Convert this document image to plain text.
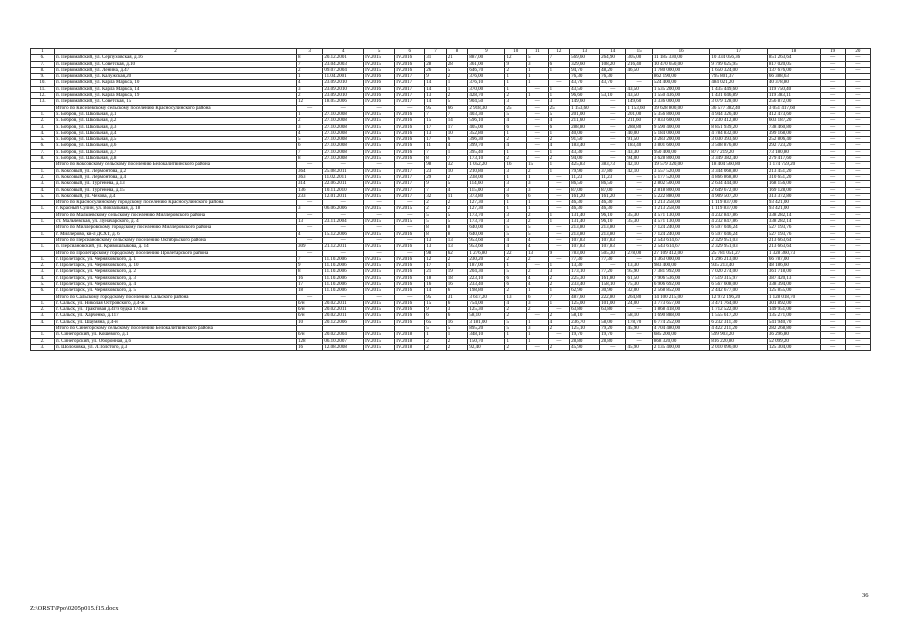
1	2	3	4	5	6	7	8	9	10	11	12	13	14	15	16	17	18	19	20
6.	п. Первомайский, ул. Серпуховская, д.16	8	20.12.2001	IV.2015	IV.2016	31	21	887,00	12	5	7	569,60	264,90	305,00	11 185 330,00	10 334 056,36	851 263,64	—	—
7.	п. Первомайский, ул. Советская, д.10	7	23.04.2003	IV.2015	IV.2016	28	28	361,00	9	3	6	329,60	108,20	216,40	10 470 650,00	9 799 625,95	817 020,05	—	—
8.	п. Первомайский, ул. Ленина, д.47	2	09.07.2004	IV.2015	IV.2016	26	5	646,70	2	1	1	94,70	48,20	46,50	1 780 000,00	1 650 324,00	137 676,00	—	—
9.	п. Первомайский, ул. Калужская,20	1	11.04.2001	IV.2016	IV.2017	9	2	376,00	1	1		76,30	76,30		862 190,00	795 801,37	66 388,63		
10.	п. Первомайский, ул. Карла Маркса, 10	4	23.09.2010	IV.2016	IV.2017	14	1	376,10	1	1	—	43,70	43,70	—	524 400,00	484 021,20	40 378,80	—	—
11.	п. Первомайский, ул. Карла Маркса, 14	3	23.09.2010	IV.2016	IV.2017	14	1	370,00	1	—	1	43,50	—	43,50	1 535 200,00	1 435 449,60	119 750,40	—	—
12.	п. Первомайский, ул. Карла Маркса, 19	2	23.09.2010	IV.2016	IV.2017	13	2	428,70	2	1	1	96,60	53,10	43,50	1 550 436,00	1 431 046,89	119 383,11	—	—
13.	п. Первомайский, ул. Советская, 15	12	18.05.2006	IV.2016	IV.2017	14	5	904,50	3	—	3	149,60	—	149,60	3 336 000,00	3 079 128,00	256 872,00	—	—
	Итого по Киселевскому сельскому поселению Красносулинского района	—	—	—	—	95	66	2 918,30	25	—	25	1 153,60	—	1 153,60	39 628 800,00	36 577 382,40	3 051 417,60	—	—
1.	х. Бобров, ул. Школьная, д.1	1	27.10.2008	IV.2015	IV.2016	7	7	403,30	5	—	5	201,00	—	201,00	5 356 800,00	4 944 326,40	412 473,60	—	—
2.	х. Бобров, ул. Школьная, д.2	2	27.10.2008	IV.2015	IV.2016	15	14	596,10	4	—	4	211,60	—	211,60	7 833 600,00	7 230 412,80	603 187,20	—	—
3.	х. Бобров, ул. Школьная, д.3	3	27.10.2008	IV.2015	IV.2016	17	17	405,00	6	—	6	288,80	—	288,80	9 590 400,00	8 851 939,20	738 460,80	—	—
4.	х. Бобров, ул. Школьная, д.4	4	27.10.2008	IV.2015	IV.2016	13	10	352,80	1	—	1	40,00	—	40,00	5 184 000,00	4 784 832,00	399 168,00	—	—
5.	х. Бобров, ул. Школьная, д.5	5	27.10.2008	IV.2015	IV.2016	17	6	396,30	2	—	2	91,50	—	91,50	3 283 200,00	3 030 393,60	252 806,40	—	—
6.	х. Бобров, ул. Школьная, д.6	6	27.10.2008	IV.2015	IV.2016	11	4	399,70	4	—	4	183,40	—	183,40	3 801 600,00	3 508 876,80	292 723,20	—	—
7.	х. Бобров, ул. Школьная, д.7	7	27.10.2008	IV.2015	IV.2016	7	1	395,40	1	—	1	43,30	—	43,30	950 400,00	877 219,20	73 180,80	—	—
8.	х. Бобров, ул. Школьная, д.8	8	27.10.2008	IV.2015	IV.2016	8	7	173,10	2	—	2	94,00	—	94,00	3 628 800,00	3 349 382,40	279 417,60	—	—
	Итого по Коксовскому сельскому поселению Белокалитвинского района	—	—	—	—	98	32	1 052,20	16	15	1	425,83	383,73	42,10	19 579 320,00	18 404 560,80	1 174 759,20	—	—
1.	п. Коксовый, ул. Лермонтова, д.2	364	25.08.2011	IV.2015	IV.2017	23	10	210,80	3	2	1	79,90	37,80	42,10	3 557 520,00	3 344 068,80	213 451,20	—	—
2.	п. Коксовый, ул. Лермонтова, д.4	363	11.02.2011	IV.2015	IV.2017	29	2	238,00	1	1	—	11,23	11,23	—	5 177 520,00	4 866 868,80	310 651,20	—	—
3.	п. Коксовый, ул. Тургенева, д.13	314	22.06.2011	IV.2015	IV.2017	9	5	114,60	3	3	—	86,50	86,50	—	2 802 500,00	2 634 444,00	168 156,00	—	—
4.	п. Коксовый, ул. Тургенева, д.15	136	10.11.2010	IV.2015	IV.2017	7	4	115,00	3	3	—	87,00	87,00	—	2 818 800,00	2 649 672,00	169 128,00	—	—
5.	п. Коксовый, ул. Чехова, д.4	233	12.01.2011	IV.2015	IV.2017	32	11	373,80	6	6	—	161,20	161,20	—	5 222 880,00	4 909 507,20	313 372,80	—	—
	Итого по Красносулинскому городскому поселению Красносулинского района	—	—	—	—	2	2	127,30	1	1	—	46,30	46,30	—	1 213 258,00	1 119 837,00	93 421,00	—	—
1.	г. Красный Сулин, ул. Вокзальная, д. 18	3	06.06.2006	IV.2015	IV.2015	2	2	127,30	1	1	—	46,30	46,30	—	1 213 258,00	1 119 837,00	93 421,00	—	—
	Итого по Мальчевскому сельскому поселению Миллеровского района	—	—	—	—	5	5	173,70	3	2	1	131,40	96,10	35,30	4 571 130,00	4 232 847,86	338 282,14	—	—
1.	ст. Мальчевская, ул. Луначарского, д. 4	13	23.11.2004	IV.2015	IV.2015	5	5	173,70	3	2	1	131,40	96,10	35,30	4 571 130,00	4 232 847,86	338 282,14	—	—
	Итого по Миллеровскому городскому поселению Миллеровского района	—	—	—	—	8	8	640,00	5	5	—	213,80	213,80	—	7 124 240,00	6 597 046,24	527 193,76	—	—
1.	г. Миллерово, кв-л ДСХТ, д. 6	4	15.12.2006	IV.2015	IV.2016	8	8	640,00	5	5	—	213,80	213,80	—	7 124 240,00	6 597 046,24	527 193,76	—	—
	Итого по Персиановскому сельскому поселению Октябрьского района	—	—	—	—	13	13	953,60	4	4	—	107,83	107,83	—	2 543 614,67	2 329 951,03	213 663,64	—	—
1.	п. Персиановский, ул. Кривошлыкова, д. 14	309	21.12.2011	IV.2015	IV.2016	13	13	953,60	4	4	—	107,83	107,83	—	2 543 614,67	2 329 951,03	213 663,64	—	—
	Итого по Пролетарскому городскому поселению Пролетарского района	—	—	—	—	98	62	1 276,80	22	13	9	783,00	505,30	278,00	27 109 412,00	25 781 051,27	1 328 360,73	—	—
1.	г. Пролетарск, ул. Черняховского, д. 1	7	11.10.2006	IV.2015	IV.2016	12	2	230,20	2	2	—	77,30	77,30	—	1 363 000,00	1 296 213,00	66 787,00	—	—
2.	г. Пролетарск, ул. Черняховского, д. 10	9	11.10.2006	IV.2015	IV.2016	17	1	187,00	1	—	1	13,30	—	13,30	983 400,00	935 213,40	48 186,60	—	—
3.	г. Пролетарск, ул. Черняховского, д. 2	8	11.10.2006	IV.2015	IV.2016	21	19	204,30	5	2	3	173,10	77,20	95,90	7 381 992,00	7 020 274,00	361 718,00	—	—
4.	г. Пролетарск, ул. Черняховского, д. 3	16	11.10.2006	IV.2015	IV.2016	18	18	223,10	6	4	2	225,30	161,80	61,50	7 906 536,00	7 519 315,97	387 420,13	—	—
5.	г. Пролетарск, ул. Черняховского, д. 4	17	11.10.2006	IV.2015	IV.2016	16	16	233,40	6	4	2	233,40	158,10	75,30	6 906 692,00	6 567 608,00	338 394,00	—	—
6.	г. Пролетарск, ул. Черняховского, д. 5	18	11.10.2006	IV.2015	IV.2016	14	6	198,80	2	1	1	62,90	30,90	32,00	2 568 852,00	2 442 677,00	125 855,00	—	—
	Итого по Сальскому городскому поселению Сальского района	—	—	—	—	95	31	3 617,20	13	6	7	487,60	222,80	264,80	14 100 215,00	12 972 196,20	1 128 018,70	—	—
1.	г. Сальск, ул. Николая Островского, д.4-ж	б/н	20.02.2011	IV.2015	IV.2016	15	6	754,00	4	3	1	125,00	101,00	24,00	3 773 657,00	3 471 764,00	301 892,00	—	—
2.	г. Сальск, ул. Трактовая д.4г/з будка 174 км	б/н	20.02.2011	IV.2015	IV.2016	9	3	125,30	2	2	—	63,80	63,80	—	1 868 418,00	1 712 522,00	149 951,00	—	—
3.	г. Сальск, ул. Харченко, д.117	б/н	20.02.2011	IV.2015	IV.2016	6	6	58,10	2	—	2	58,10	—	58,10	1 690 888,00	1 555 617,20	135 271,00	—	—
4.	г. Сальск, ул. Шаумяна, д.4-н	10	20.12.2006	IV.2015	IV.2016	65	16	3 181,00	5	1	4	236,70	58,00	178,70	6 774 252,00	6 232 311,30	541 940,70	—	—
	Итого по Синегорскому сельскому поселению Белокалитвинского района					5	5	895,20	5	3	2	125,10	79,20	45,90	4 704 480,00	4 422 211,20	282 268,80	—	—
1.	п. Синегорский, ул. Кошевого, д.1	б/н	20.02.2004	IV.2015	IV.2018	1	1	348,10	1	1	—	19,70	19,70	—	685 200,00	599 903,20	36 296,80	—	—
2.	п. Синегорский, ул. Оборонная, д.6	128	06.10.2007	IV.2015	IV.2018	2	2	150,70	1	1	—	28,80	28,80	—	868 320,00	816 220,80	52 099,20	—	—
3.	п. Шолоховка, ул. Л.Толстого, д.3	16	12.08.2008	IV.2015	IV.2018	2	2	92,40	2	—	2	45,90	—	45,90	2 135 400,00	2 010 096,00	125 304,00	—	—
Z:\ORST\Ppo\0205p015.f15.docx
36
